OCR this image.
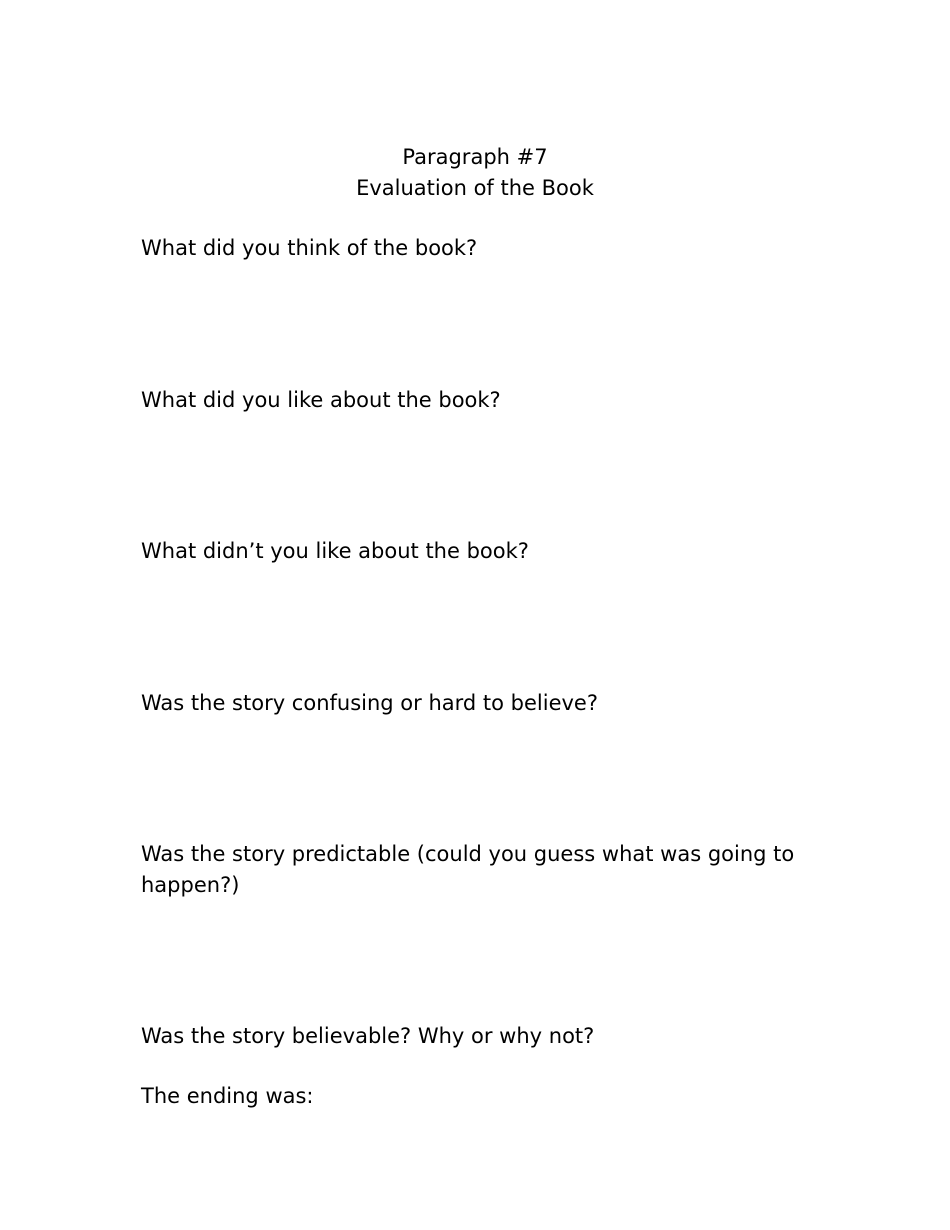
Paragraph #7
Evaluation of the Book

What did you think of the book?

What did you like about the book?

What didn’t you like about the book?

Was the story confusing or hard to believe?

Was the story predictable (could you guess what was going to happen?)

Was the story believable? Why or why not?

The ending was:
